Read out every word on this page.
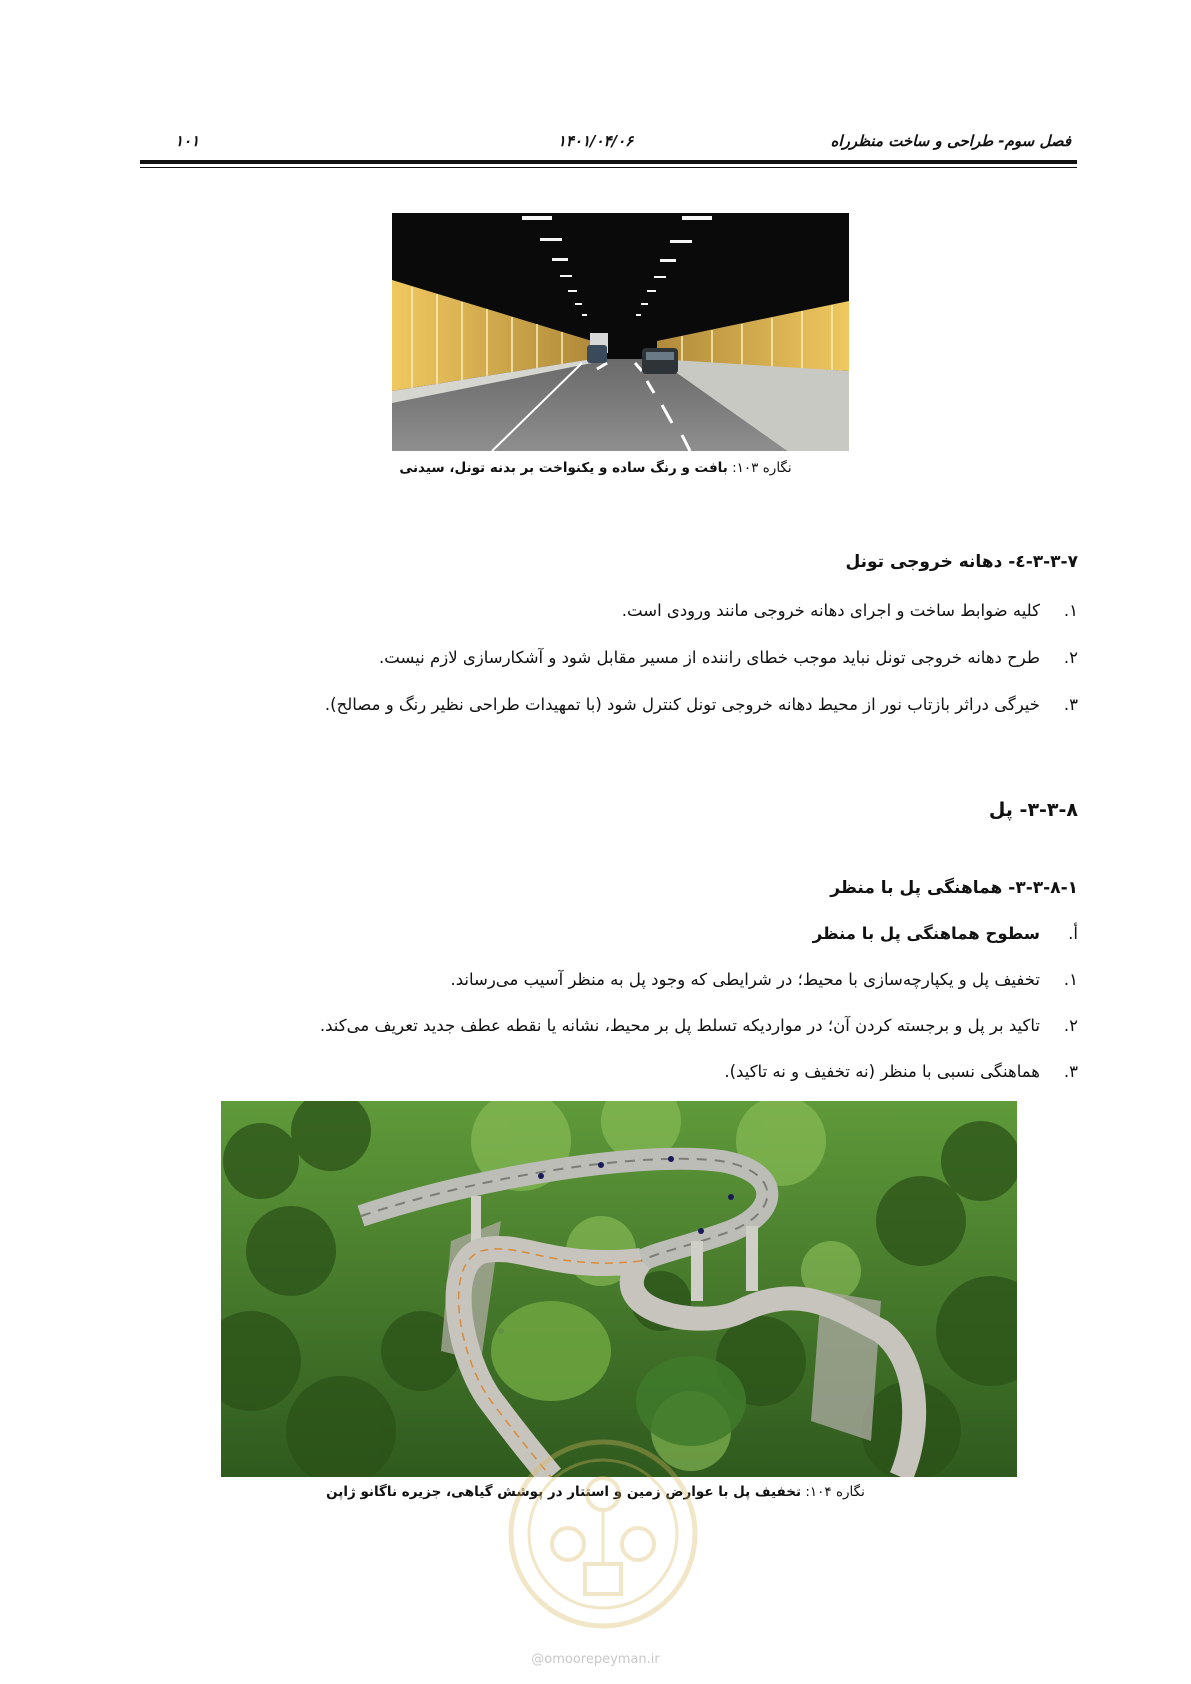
فصل سوم- طراحی و ساخت منظرراه
۱۴۰۱/۰۴/۰۶
۱۰۱
نگاره ۱۰۳: بافت و رنگ ساده و یکنواخت بر بدنه تونل، سیدنی
۳-۳-۷-٤- دهانه خروجی تونل
۱.کلیه ضوابط ساخت و اجرای دهانه خروجی مانند ورودی است.
۲.طرح دهانه خروجی تونل نباید موجب خطای راننده از مسیر مقابل شود و آشکارسازی لازم نیست.
۳.خیرگی دراثر بازتاب نور از محیط دهانه خروجی تونل کنترل شود (با تمهیدات طراحی نظیر رنگ و مصالح).
۳-۳-۸- پل
۳-۳-۸-۱- هماهنگی پل با منظر
أ.سطوح هماهنگی پل با منظر
۱.تخفیف پل و یکپارچه‌سازی با محیط؛ در شرایطی که وجود پل به منظر آسیب می‌رساند.
۲.تاکید بر پل و برجسته کردن آن؛ در مواردیکه تسلط پل بر محیط، نشانه یا نقطه عطف جدید تعریف می‌کند.
۳.هماهنگی نسبی با منظر (نه تخفیف و نه تاکید).
نگاره ۱۰۴: تخفیف پل با عوارض زمین و استتار در پوشش گیاهی، جزیره ناگانو ژاپن
@omoorepeyman.ir
